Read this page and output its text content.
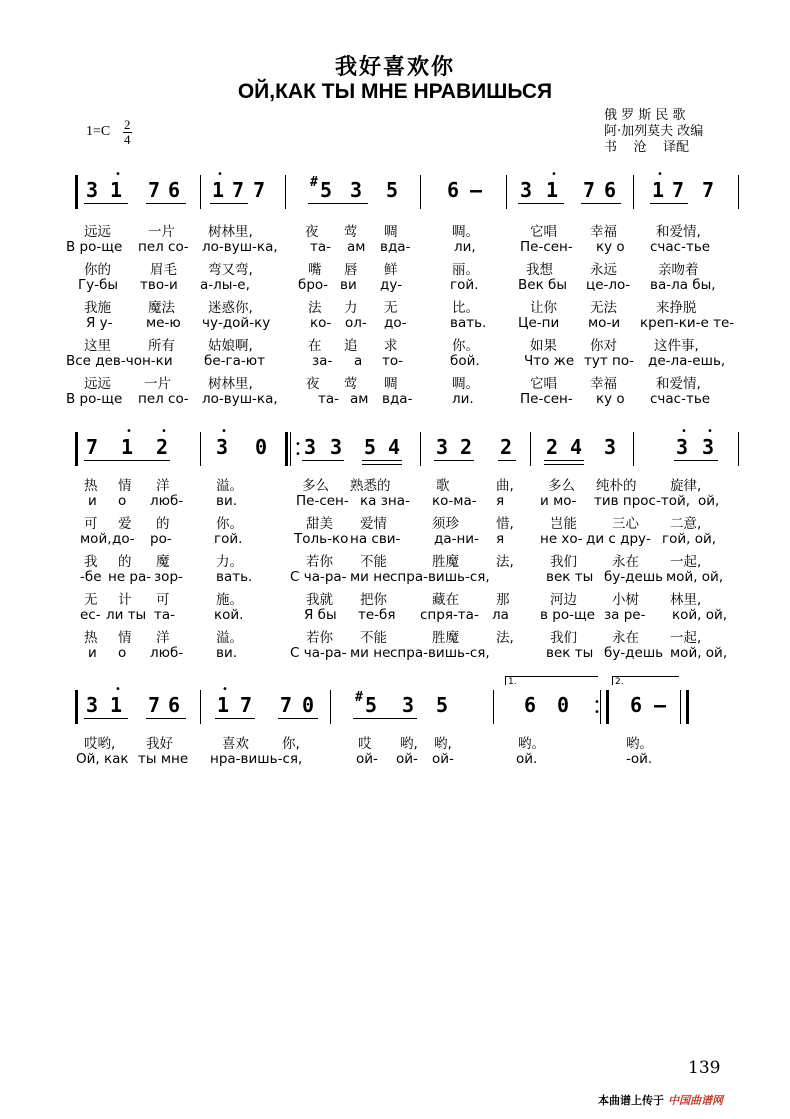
我好喜欢你
ОЙ,КАК ТЫ МНЕ НРАВИШЬСЯ
俄 罗 斯 民 歌
阿·加列莫夫 改编
书    沧    译配
1=C 2
4
3 1
•
7 6 1
•
7 7	# 5 3 5 6 – 3 1
•
7 6 1
•
7 7
远远	一片 树林里,	夜 莺 啁	啁。	它唱 幸福	和爱情,
В ро-ще пел со- ло-вуш-ка, та- ам вда-	ли,	Пе-сен- ку о счас-тье
你的	眉毛 弯又弯,	嘴 唇 鲜	丽。	我想	永远	亲吻着
Гу-бы тво-и а-лы-е,	бро- ви ду-	гой.	Век бы це-ло- ва-ла бы,
我施	魔法 迷惑你,	法 力 无	比。	让你 无法	来挣脱
Я у- ме-ю чу-дой-ку	ко- ол- до-	вать. Це-пи мо-и креп-ки-е те-
这里	所有 姑娘啊,	在 追 求	你。	如果 你对	这件事,
Все дев-чон-ки бе-га-ют	за- а то-	бой.	Что же тут по- де-ла-ешь,
远远 一片	树林里,	夜 莺 啁	啁。	它唱 幸福	和爱情,
В ро-ще пел со- ло-вуш-ка,	та- ам вда-	ли.	Пе-сен- ку о счас-тье
•
•
7 1
•
2
•
3
•
0 3 3 5 4 3 2 2 2 4 3	3
•
3
•
热 情 洋	溢。	多么 熟悉的	歌	曲,	多么 纯朴的 旋律,
и о люб- ви.	Пе-сен- ка зна- ко-ма- я	и мо- тив прос-той, ой,
可 爱 的	你。	甜美 爱情	须珍	惜,	岂能	三心 二意,
мой, до- ро-	гой.	Толь-ко на сви- да-ни- я	не хо- ди с дру- гой, ой,
我 的 魔	力。	若你 不能	胜魔	法,	我们	永在 一起,
-бе не ра- зор- вать.	С ча-ра- ми не спра-вишь-ся,	век ты бу-дешь мой, ой,
无 计 可	施。	我就 把你	藏在	那	河边	小树 林里,
ес- ли ты та-	кой.	Я бы те-бя спря-та- ла в ро-ще за ре- кой, ой,
热 情 洋	溢。	若你 不能	胜魔	法,	我们	永在 一起,
и о люб- ви.	С ча-ра- ми не спра-вишь-ся,	век ты бу-дешь мой, ой,
•
•
1.	2.
3 1
•
7 6 1
•
7 7 0	# 5 3 5	6 0	6 –
哎哟, 我好	喜欢 你,	哎 哟, 哟,	哟。	哟。
Ой, как ты мне нра-вишь-ся,	ой- ой- ой-	ой.	-ой.
139
本曲谱上传于 中国曲谱网
